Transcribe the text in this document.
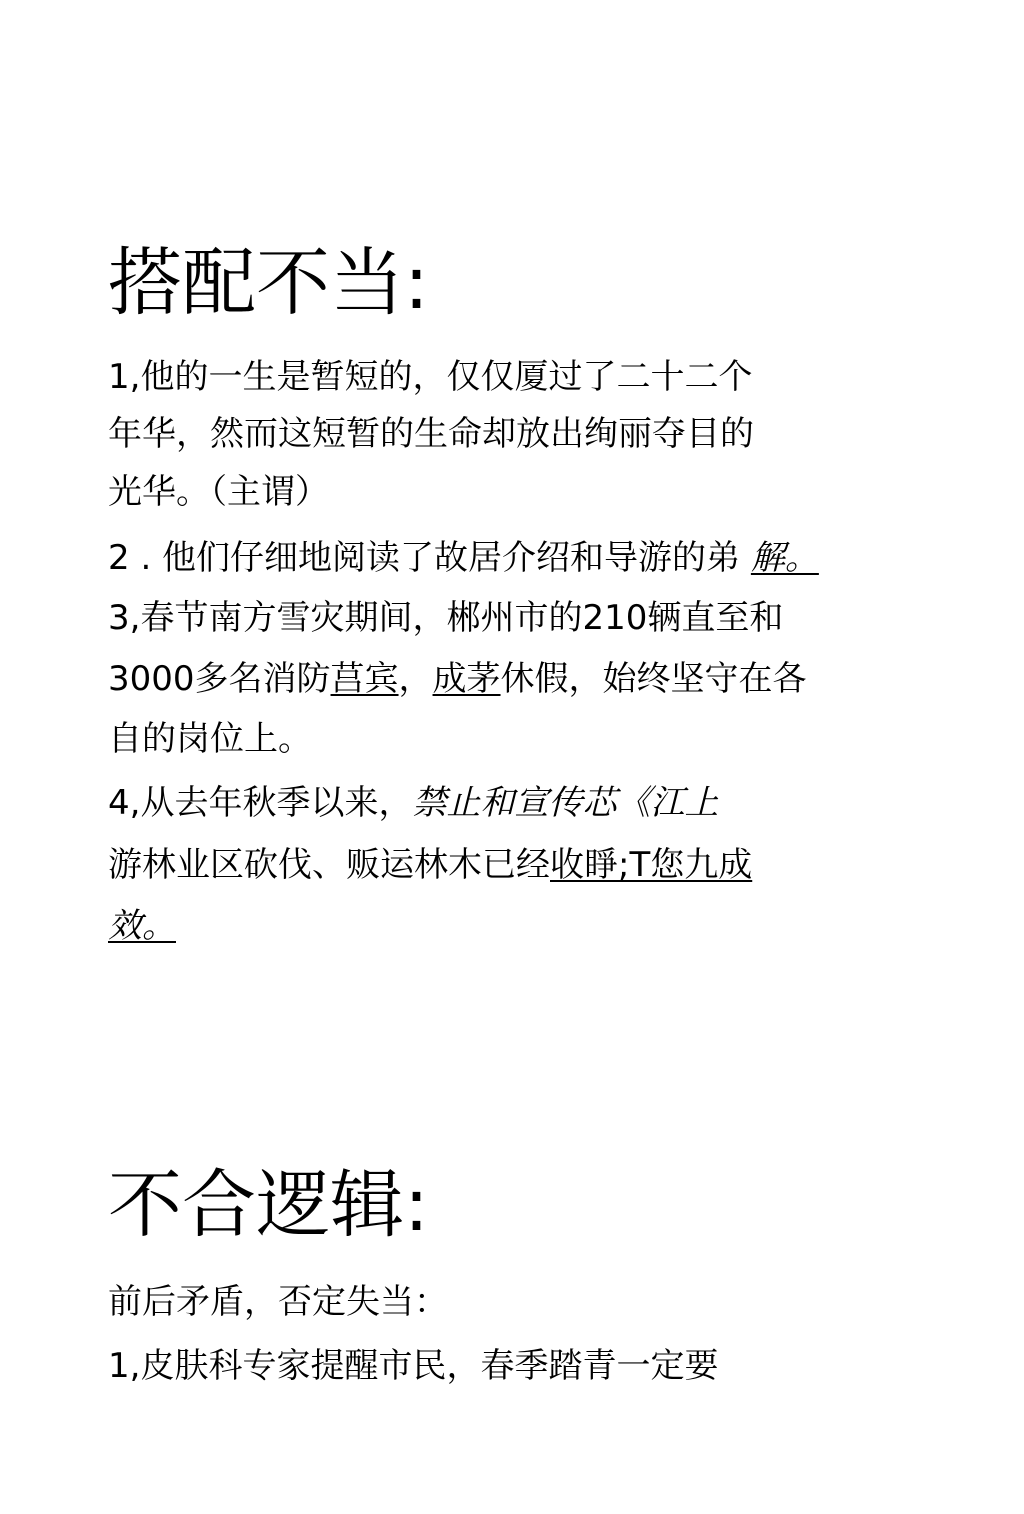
搭配不当:
1,他的一生是暂短的，仅仅厦过了二十二个
年华，然而这短暂的生命却放出绚丽夺目的
光华。（主谓）
2 . 他们仔细地阅读了故居介绍和导游的弟 解。
3,春节南方雪灾期间，郴州市的210辆直至和
3000多名消防莒宾，成茅休假，始终坚守在各
自的岗位上。
4,从去年秋季以来，禁止和宣传芯《江上
游林业区砍伐、贩运林木已经收睜;T您九成
效。
不合逻辑:
前后矛盾，否定失当：
1,皮肤科专家提醒市民，春季踏青一定要
